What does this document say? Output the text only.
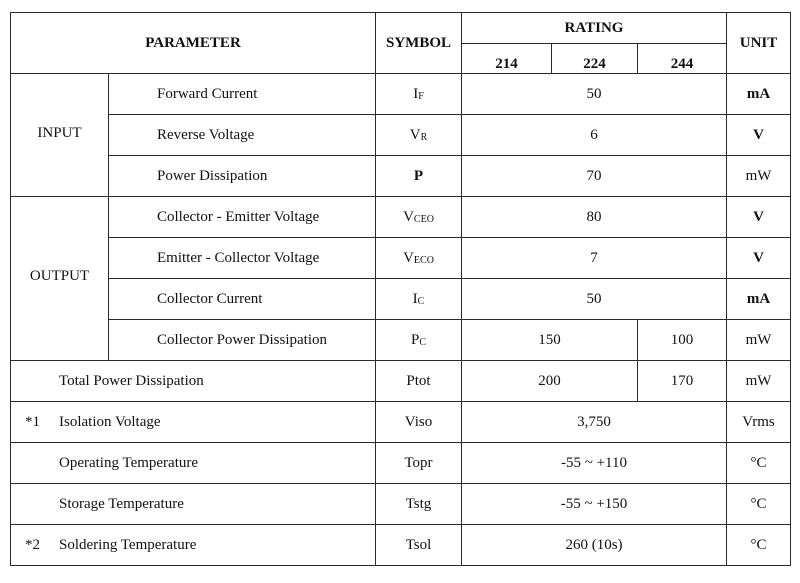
PARAMETER		SYMBOL	RATING			UNIT
			214	224	244	
INPUT	Forward Current	$I_F$	50			mA
	Reverse Voltage	$V_R$	6			V
	Power Dissipation	P	70			mW
OUTPUT	Collector - Emitter Voltage	$V_{CEO}$	80			V
	Emitter - Collector Voltage	$V_{ECO}$	7			V
	Collector Current	$I_C$	50			mA
	Collector Power Dissipation	$P_C$	150		100	mW
Total Power Dissipation		Ptot	200		170	mW
*1 Isolation Voltage		Viso	3,750			Vrms
Operating Temperature		Topr	-55 ~ +110			°C
Storage Temperature		Tstg	-55 ~ +150			°C
*2 Soldering Temperature		Tsol	260 (10s)			°C
